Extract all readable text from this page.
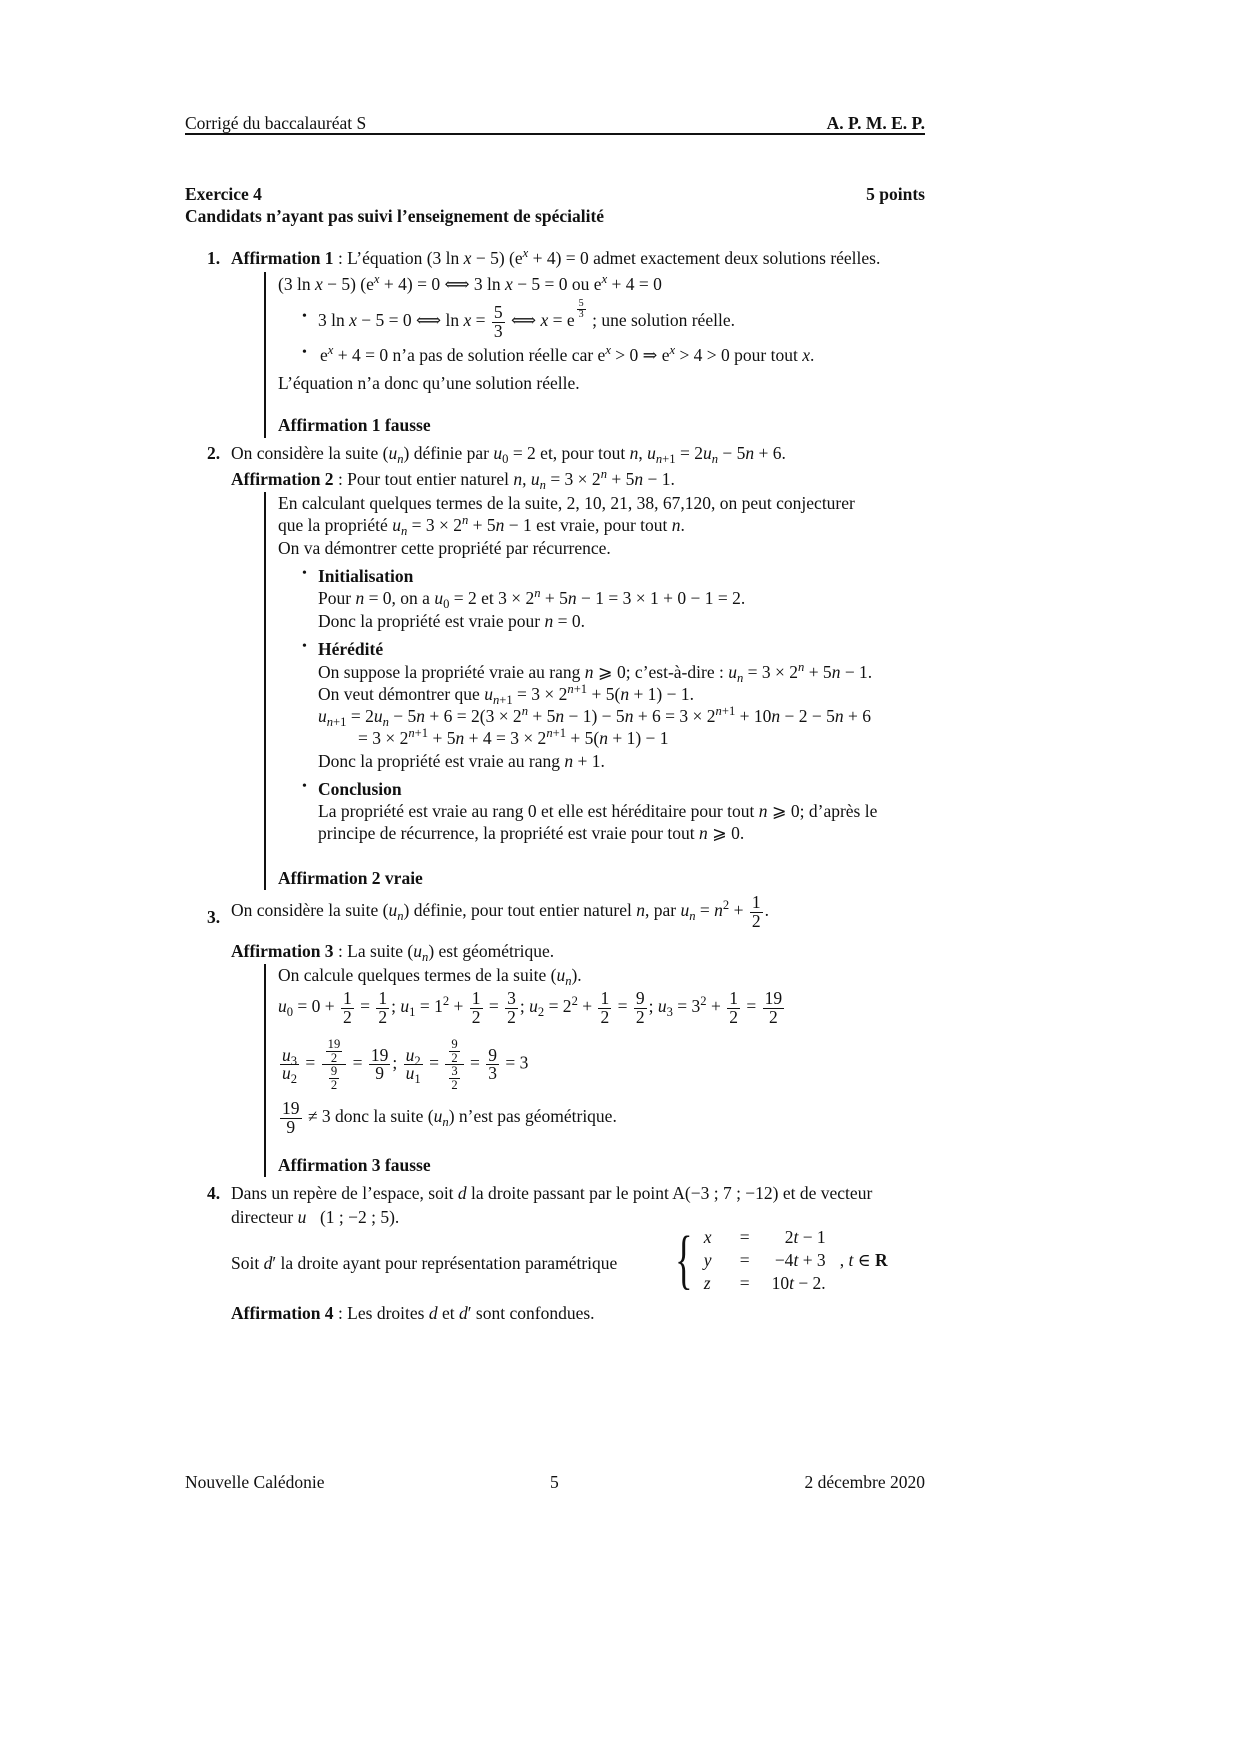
Corrigé du baccalauréat S	A. P. M. E. P.
Exercice 4	5 points
Candidats n’ayant pas suivi l’enseignement de spécialité
1. Affirmation 1 : L’équation (3 ln x − 5) $(e^x + 4) = 0$ admet exactement deux solutions réelles.
(3 ln x − 5) $(e^x + 4) = 0$ ⟺ 3 ln x − 5 = 0 ou $e^x + 4 = 0$
• 3 ln x − 5 = 0 ⟺ $\ln x = \frac{5}{3}$ ⟺ x = e $^{\frac{5}{3}}$ ; une solution réelle.
• $e^x + 4 = 0$ n’a pas de solution réelle car $e^x > 0$ ⇒ $e^x > 4 > 0$ pour tout x.
L’équation n’a donc qu’une solution réelle.
Affirmation 1 fausse
2. On considère la suite $(u_n)$ définie par $u_0 = 2$ et, pour tout n, $u_{n+1} = 2u_n - 5n + 6$.
Affirmation 2 : Pour tout entier naturel n, $u_n = 3 \times 2^n + 5n - 1$.
En calculant quelques termes de la suite, 2, 10, 21, 38, 67,120, on peut conjecturer
que la propriété $u_n = 3 \times 2^n + 5n - 1$ est vraie, pour tout n.
On va démontrer cette propriété par récurrence.
• Initialisation
Pour n = 0, on a $u_0 = 2$ et $3 \times 2^n + 5n - 1 = 3 \times 1 + 0 - 1 = 2$.
Donc la propriété est vraie pour n = 0.
• Hérédité
On suppose la propriété vraie au rang n ⩾ 0; c’est-à-dire : $u_n = 3 \times 2^n + 5n - 1$.
On veut démontrer que $u_{n+1} = 3 \times 2^{n+1} + 5(n + 1) - 1$.
$u_{n+1} = 2u_n - 5n + 6 = 2(3 \times 2^n + 5n - 1) - 5n + 6 = 3 \times 2^{n+1} + 10n - 2 - 5n + 6$
= $3 \times 2^{n+1} + 5n + 4 = 3 \times 2^{n+1} + 5(n + 1) - 1$
Donc la propriété est vraie au rang n + 1.
• Conclusion
La propriété est vraie au rang 0 et elle est héréditaire pour tout n ⩾ 0; d’après le
principe de récurrence, la propriété est vraie pour tout n ⩾ 0.
Affirmation 2 vraie
3. On considère la suite $(u_n)$ définie, pour tout entier naturel n, par $u_n = n^2 + \frac{1}{2}$ .
Affirmation 3 : La suite $(u_n)$ est géométrique.
On calcule quelques termes de la suite $(u_n)$.
$u_0 = 0 + \frac{1}{2} = \frac{1}{2}$ ; $u_1 = 1^2 + \frac{1}{2} = \frac{3}{2}$ ; $u_2 = 2^2 + \frac{1}{2} = \frac{9}{2}$ ; $u_3 = 3^2 + \frac{1}{2} = \frac{19}{2}$
$\frac{u_3}{u_2} = \frac{\frac{19}{2}}{\frac{9}{2}} = \frac{19}{9}$ ; $\frac{u_2}{u_1} = \frac{\frac{9}{2}}{\frac{3}{2}} = \frac{9}{3} = 3$
$\frac{19}{9} \ne 3$ donc la suite $(u_n)$ n’est pas géométrique.
Affirmation 3 fausse
4. Dans un repère de l’espace, soit d la droite passant par le point A(−3 ; 7 ; −12) et de vecteur
directeur u⃗(1 ; −2 ; 5).
Soit d′ la droite ayant pour représentation paramétrique { x	=	2t − 1
y	=	−4t + 3
z	=	10t − 2.
, t ∈ R
Affirmation 4 : Les droites d et d′ sont confondues.
Nouvelle Calédonie	5	2 décembre 2020
